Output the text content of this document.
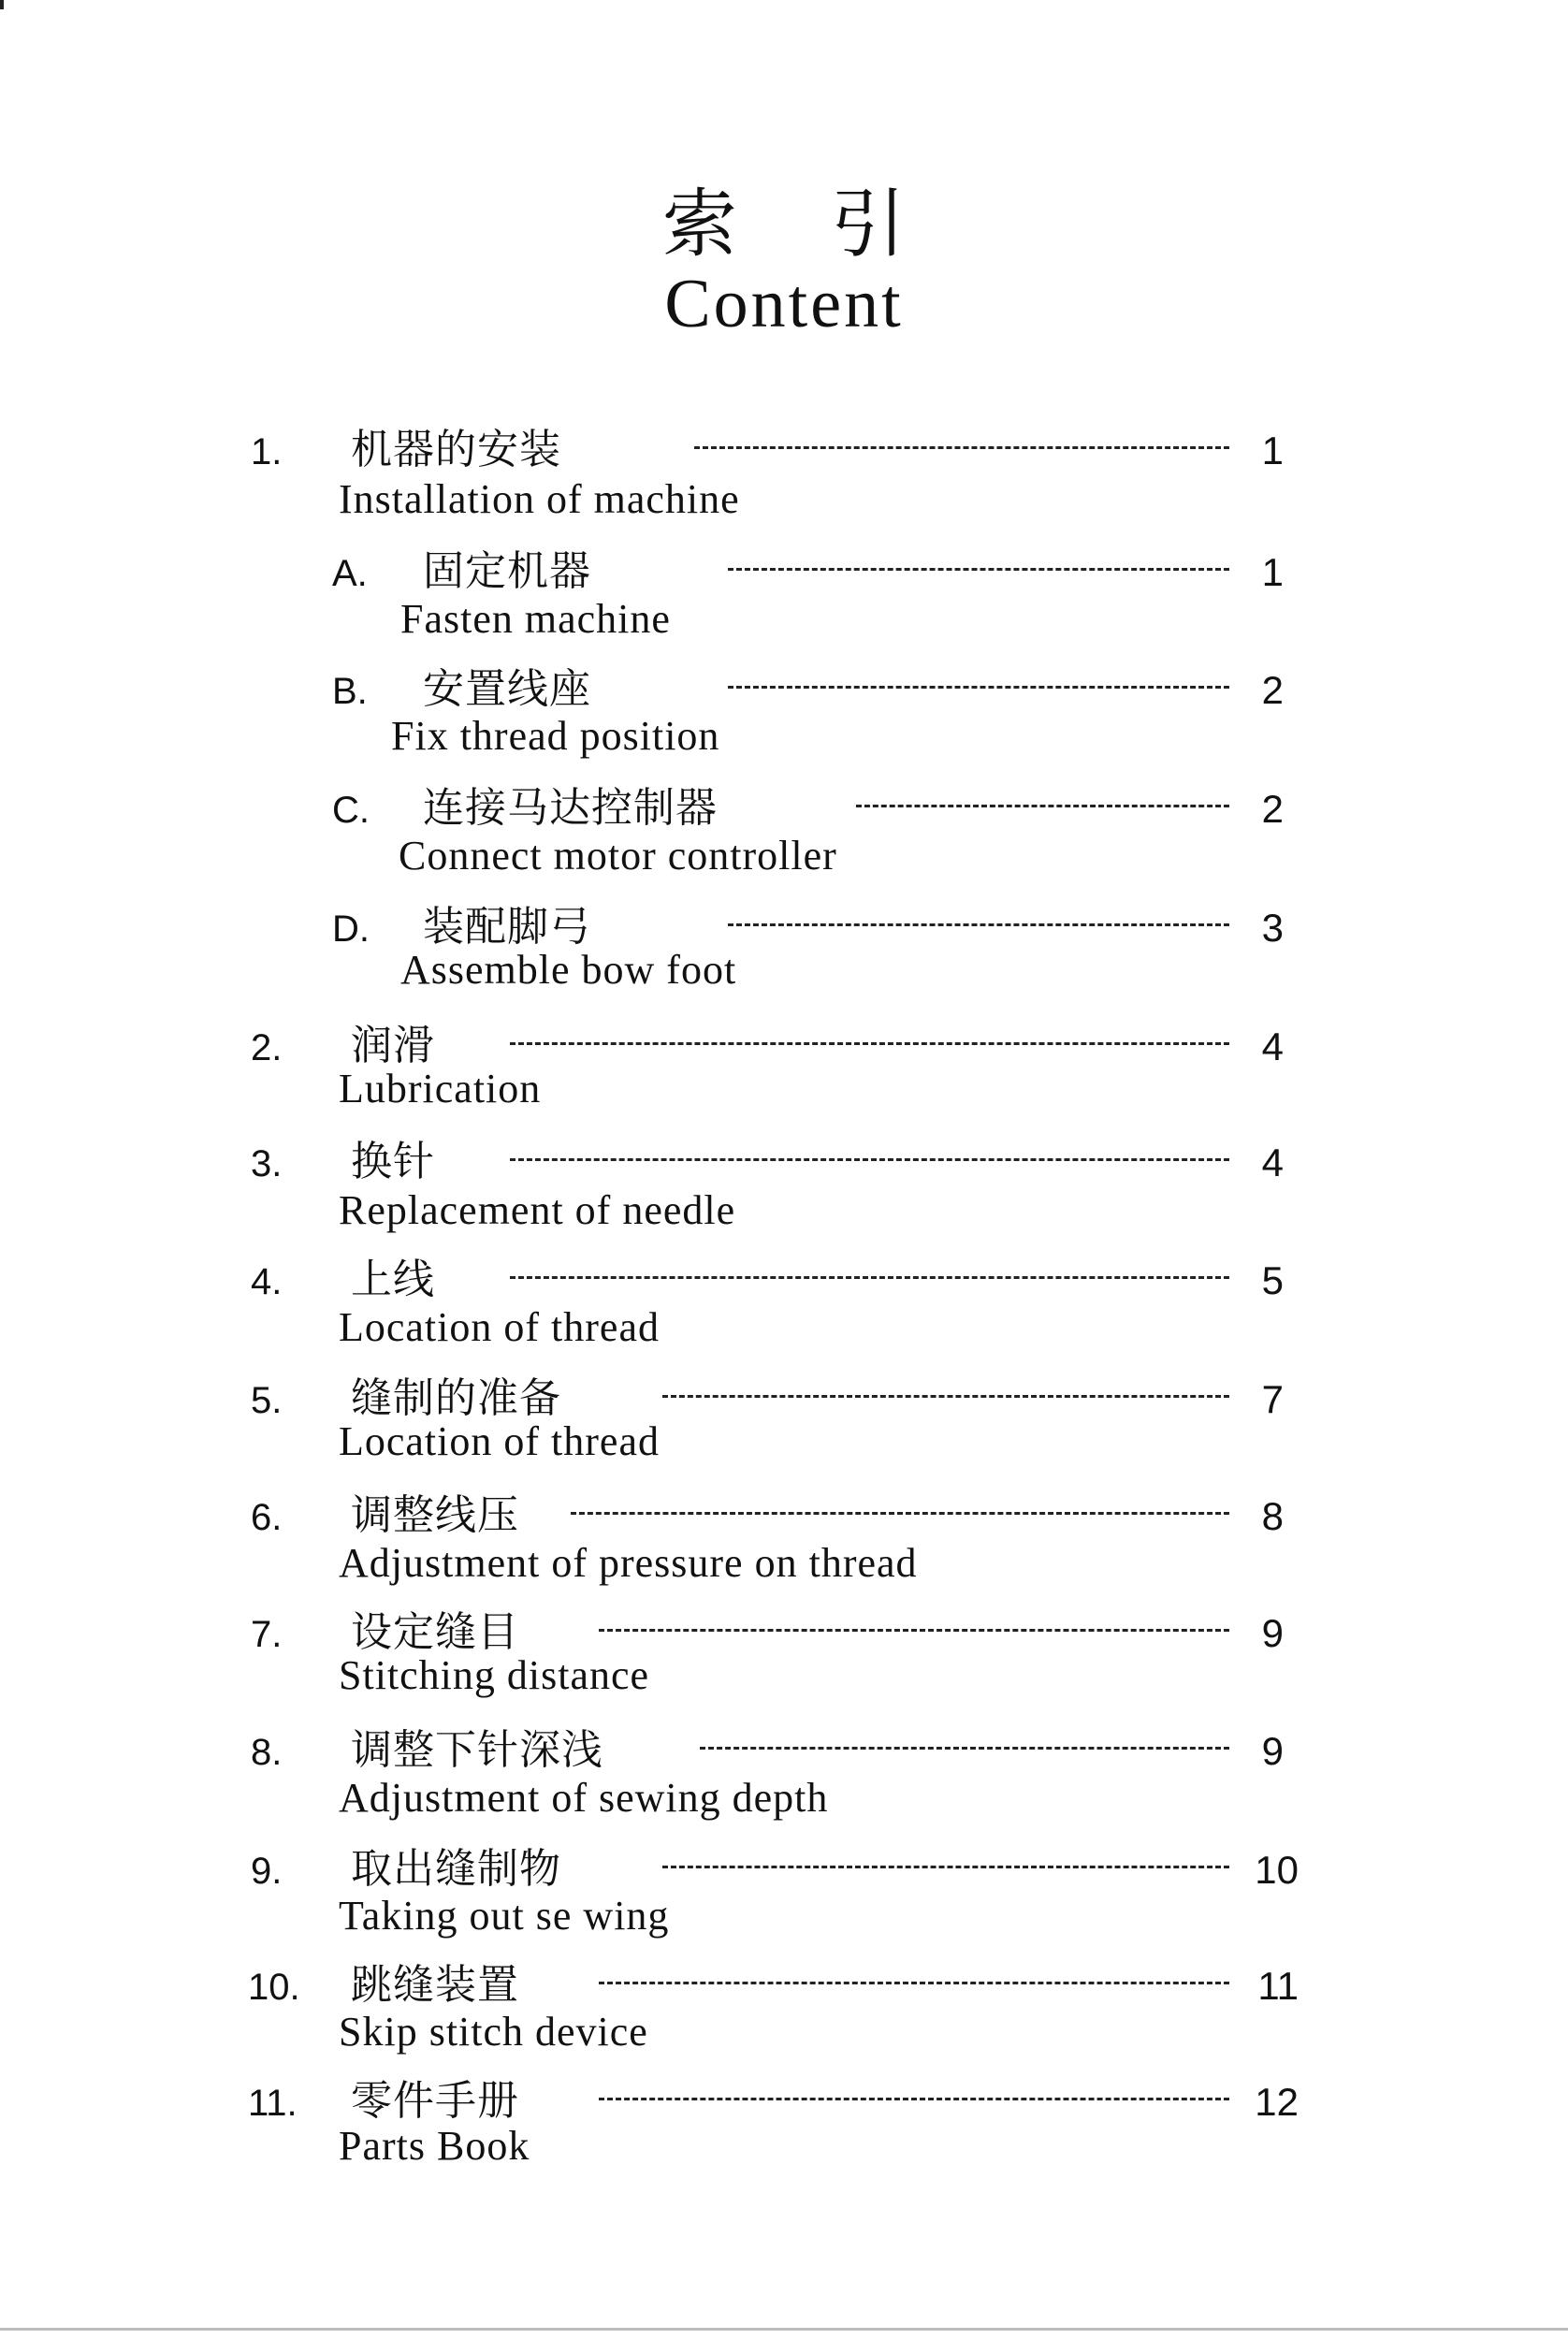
索引
Content
1. 机器的安装
Installation of machine
1
A. 固定机器
Fasten machine
1
B. 安置线座
Fix thread position
2
C. 连接马达控制器
Connect motor controller
2
D. 装配脚弓
Assemble bow foot
3
2. 润滑
Lubrication
4
3. 换针
Replacement of needle
4
4. 上线
Location of thread
5
5. 缝制的准备
Location of thread
7
6. 调整线压
Adjustment of pressure on thread
8
7. 设定缝目
Stitching distance
9
8. 调整下针深浅
Adjustment of sewing depth
9
9. 取出缝制物
Taking out se wing
10
10. 跳缝装置
Skip stitch device
11
11. 零件手册
Parts Book
12
